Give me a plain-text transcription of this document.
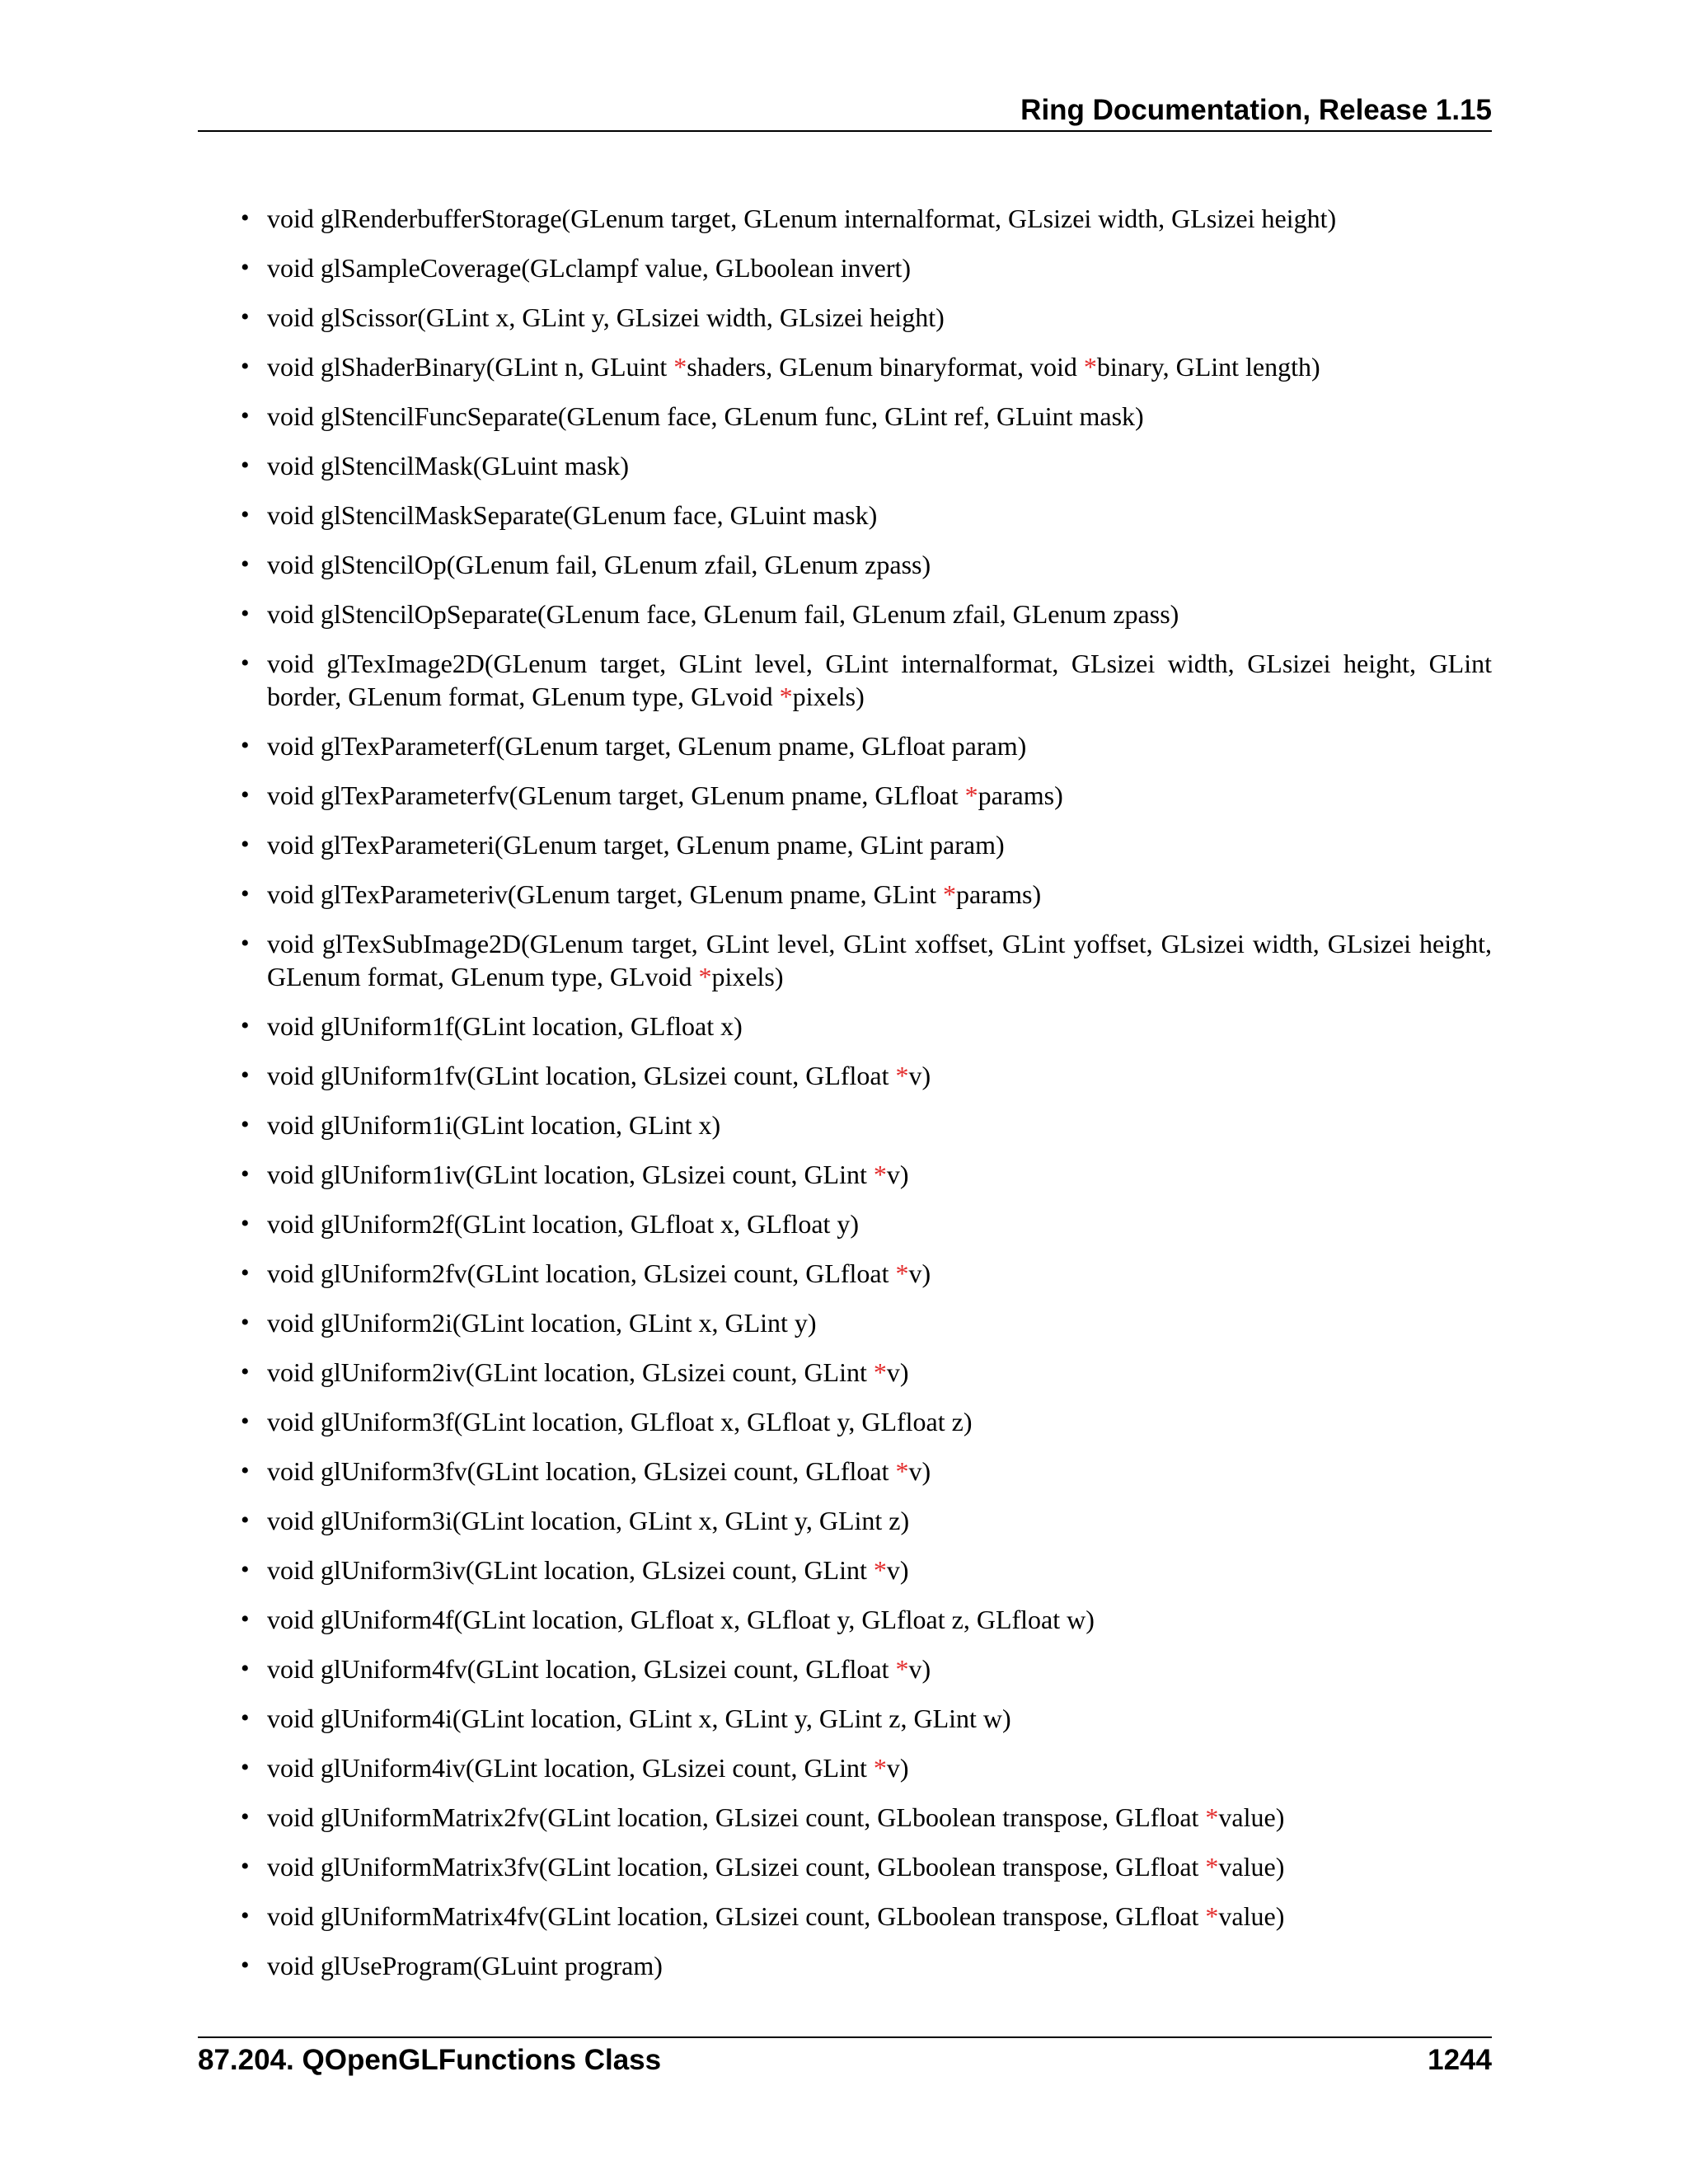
Ring Documentation, Release 1.15
• void glRenderbufferStorage(GLenum target, GLenum internalformat, GLsizei width, GLsizei height)
• void glSampleCoverage(GLclampf value, GLboolean invert)
• void glScissor(GLint x, GLint y, GLsizei width, GLsizei height)
• void glShaderBinary(GLint n, GLuint *shaders, GLenum binaryformat, void *binary, GLint length)
• void glStencilFuncSeparate(GLenum face, GLenum func, GLint ref, GLuint mask)
• void glStencilMask(GLuint mask)
• void glStencilMaskSeparate(GLenum face, GLuint mask)
• void glStencilOp(GLenum fail, GLenum zfail, GLenum zpass)
• void glStencilOpSeparate(GLenum face, GLenum fail, GLenum zfail, GLenum zpass)
• void glTexImage2D(GLenum target, GLint level, GLint internalformat, GLsizei width, GLsizei height, GLint border, GLenum format, GLenum type, GLvoid *pixels)
• void glTexParameterf(GLenum target, GLenum pname, GLfloat param)
• void glTexParameterfv(GLenum target, GLenum pname, GLfloat *params)
• void glTexParameteri(GLenum target, GLenum pname, GLint param)
• void glTexParameteriv(GLenum target, GLenum pname, GLint *params)
• void glTexSubImage2D(GLenum target, GLint level, GLint xoffset, GLint yoffset, GLsizei width, GLsizei height, GLenum format, GLenum type, GLvoid *pixels)
• void glUniform1f(GLint location, GLfloat x)
• void glUniform1fv(GLint location, GLsizei count, GLfloat *v)
• void glUniform1i(GLint location, GLint x)
• void glUniform1iv(GLint location, GLsizei count, GLint *v)
• void glUniform2f(GLint location, GLfloat x, GLfloat y)
• void glUniform2fv(GLint location, GLsizei count, GLfloat *v)
• void glUniform2i(GLint location, GLint x, GLint y)
• void glUniform2iv(GLint location, GLsizei count, GLint *v)
• void glUniform3f(GLint location, GLfloat x, GLfloat y, GLfloat z)
• void glUniform3fv(GLint location, GLsizei count, GLfloat *v)
• void glUniform3i(GLint location, GLint x, GLint y, GLint z)
• void glUniform3iv(GLint location, GLsizei count, GLint *v)
• void glUniform4f(GLint location, GLfloat x, GLfloat y, GLfloat z, GLfloat w)
• void glUniform4fv(GLint location, GLsizei count, GLfloat *v)
• void glUniform4i(GLint location, GLint x, GLint y, GLint z, GLint w)
• void glUniform4iv(GLint location, GLsizei count, GLint *v)
• void glUniformMatrix2fv(GLint location, GLsizei count, GLboolean transpose, GLfloat *value)
• void glUniformMatrix3fv(GLint location, GLsizei count, GLboolean transpose, GLfloat *value)
• void glUniformMatrix4fv(GLint location, GLsizei count, GLboolean transpose, GLfloat *value)
• void glUseProgram(GLuint program)
87.204. QOpenGLFunctions Class	1244
